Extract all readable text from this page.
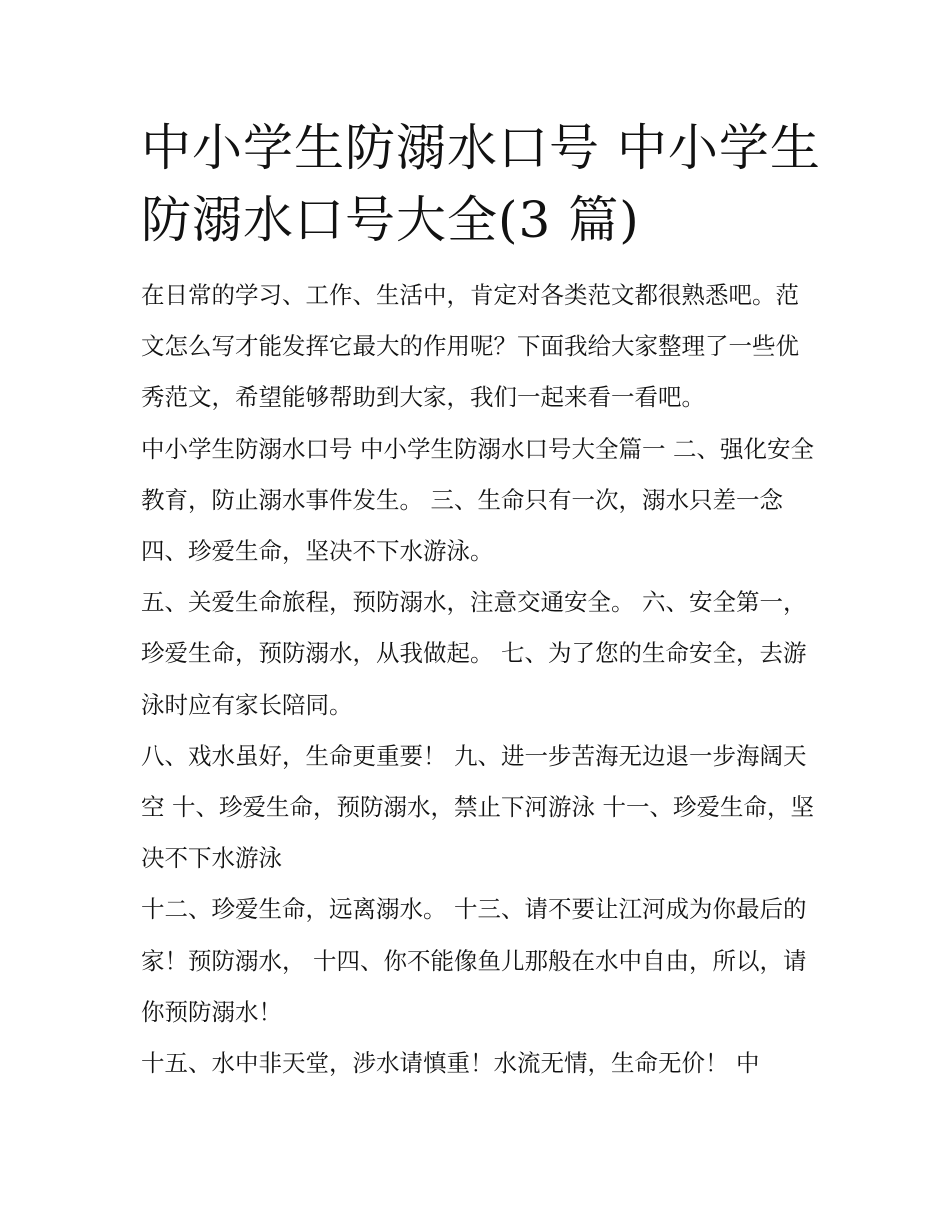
中小学生防溺水口号 中小学生防溺水口号大全(3 篇)

在日常的学习、工作、生活中，肯定对各类范文都很熟悉吧。范文怎么写才能发挥它最大的作用呢？下面我给大家整理了一些优秀范文，希望能够帮助到大家，我们一起来看一看吧。

中小学生防溺水口号 中小学生防溺水口号大全篇一 二、强化安全教育，防止溺水事件发生。 三、生命只有一次，溺水只差一念 四、珍爱生命，坚决不下水游泳。

五、关爱生命旅程，预防溺水，注意交通安全。 六、安全第一，珍爱生命，预防溺水，从我做起。 七、为了您的生命安全，去游泳时应有家长陪同。

八、戏水虽好，生命更重要！ 九、进一步苦海无边退一步海阔天空 十、珍爱生命，预防溺水，禁止下河游泳 十一、珍爱生命，坚决不下水游泳

十二、珍爱生命，远离溺水。 十三、请不要让江河成为你最后的家！预防溺水， 十四、你不能像鱼儿那般在水中自由，所以，请你预防溺水！

十五、水中非天堂，涉水请慎重！水流无情，生命无价！ 中
